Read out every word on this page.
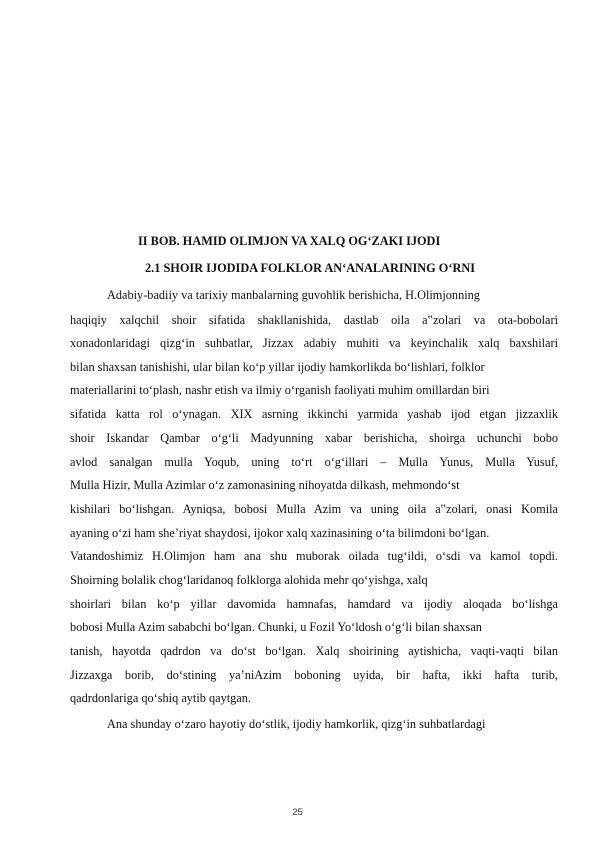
II BOB. HAMID OLIMJON VA XALQ OG‘ZAKI IJODI
2.1 SHOIR IJODIDA FOLKLOR AN‘ANALARINING O‘RNI
Adabiy-badiiy va tarixiy manbalarning guvohlik berishicha, H.Olimjonning
haqiqiy xalqchil shoir sifatida shakllanishida, dastlab oila a‟zolari va ota-bobolari
xonadonlaridagi qizg‘in suhbatlar, Jizzax adabiy muhiti va keyinchalik xalq baxshilari
bilan shaxsan tanishishi, ular bilan ko‘p yillar ijodiy hamkorlikda bo‘lishlari, folklor
materiallarini to‘plash, nashr etish va ilmiy o‘rganish faoliyati muhim omillardan biri
sifatida katta rol o‘ynagan. XIX asrning ikkinchi yarmida yashab ijod etgan jizzaxlik
shoir Iskandar Qambar o‘g‘li Madyunning xabar berishicha, shoirga uchunchi bobo
avlod sanalgan mulla Yoqub, uning to‘rt o‘g‘illari – Mulla Yunus, Mulla Yusuf,
Mulla Hizir, Mulla Azimlar o‘z zamonasining nihoyatda dilkash, mehmondo‘st
kishilari bo‘lishgan. Ayniqsa, bobosi Mulla Azim va uning oila a‟zolari, onasi Komila
ayaning o‘zi ham she’riyat shaydosi, ijokor xalq xazinasining o‘ta bilimdoni bo‘lgan.
Vatandoshimiz H.Olimjon ham ana shu muborak oilada tug‘ildi, o‘sdi va kamol topdi.
Shoirning bolalik chog‘laridanoq folklorga alohida mehr qo‘yishga, xalq
shoirlari bilan ko‘p yillar davomida hamnafas, hamdard va ijodiy aloqada bo‘lishga
bobosi Mulla Azim sababchi bo‘lgan. Chunki, u Fozil Yo‘ldosh o‘g‘li bilan shaxsan
tanish, hayotda qadrdon va do‘st bo‘lgan. Xalq shoirining aytishicha, vaqti-vaqti bilan
Jizzaxga borib, do‘stining ya’niAzim boboning uyida, bir hafta, ikki hafta turib,
qadrdonlariga qo‘shiq aytib qaytgan.
Ana shunday o‘zaro hayotiy do‘stlik, ijodiy hamkorlik, qizg‘in suhbatlardagi
25
